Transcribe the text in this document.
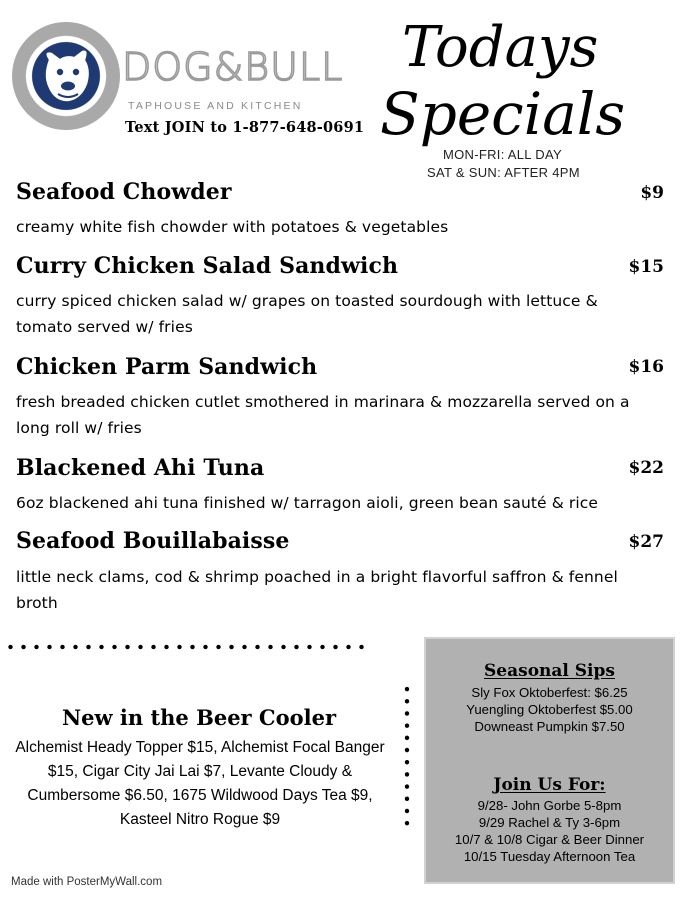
DOG&BULL
TAPHOUSE AND KITCHEN
Text JOIN to 1-877-648-0691
Todays
Specials
MON-FRI: ALL DAY
SAT & SUN: AFTER 4PM
Seafood Chowder	$9
creamy white fish chowder with potatoes & vegetables
Curry Chicken Salad Sandwich	$15
curry spiced chicken salad w/ grapes on toasted sourdough with lettuce & tomato served w/ fries
Chicken Parm Sandwich	$16
fresh breaded chicken cutlet smothered in marinara & mozzarella served on a long roll w/ fries
Blackened Ahi Tuna	$22
6oz blackened ahi tuna finished w/ tarragon aioli, green bean sauté & rice
Seafood Bouillabaisse	$27
little neck clams, cod & shrimp poached in a bright flavorful saffron & fennel broth
New in the Beer Cooler
Alchemist Heady Topper $15, Alchemist Focal Banger $15, Cigar City Jai Lai $7, Levante Cloudy & Cumbersome $6.50, 1675 Wildwood Days Tea $9, Kasteel Nitro Rogue $9
Seasonal Sips
Sly Fox Oktoberfest: $6.25
Yuengling Oktoberfest $5.00
Downeast Pumpkin $7.50
Join Us For:
9/28- John Gorbe 5-8pm
9/29 Rachel & Ty 3-6pm
10/7 & 10/8 Cigar & Beer Dinner
10/15 Tuesday Afternoon Tea
Made with PosterMyWall.com
